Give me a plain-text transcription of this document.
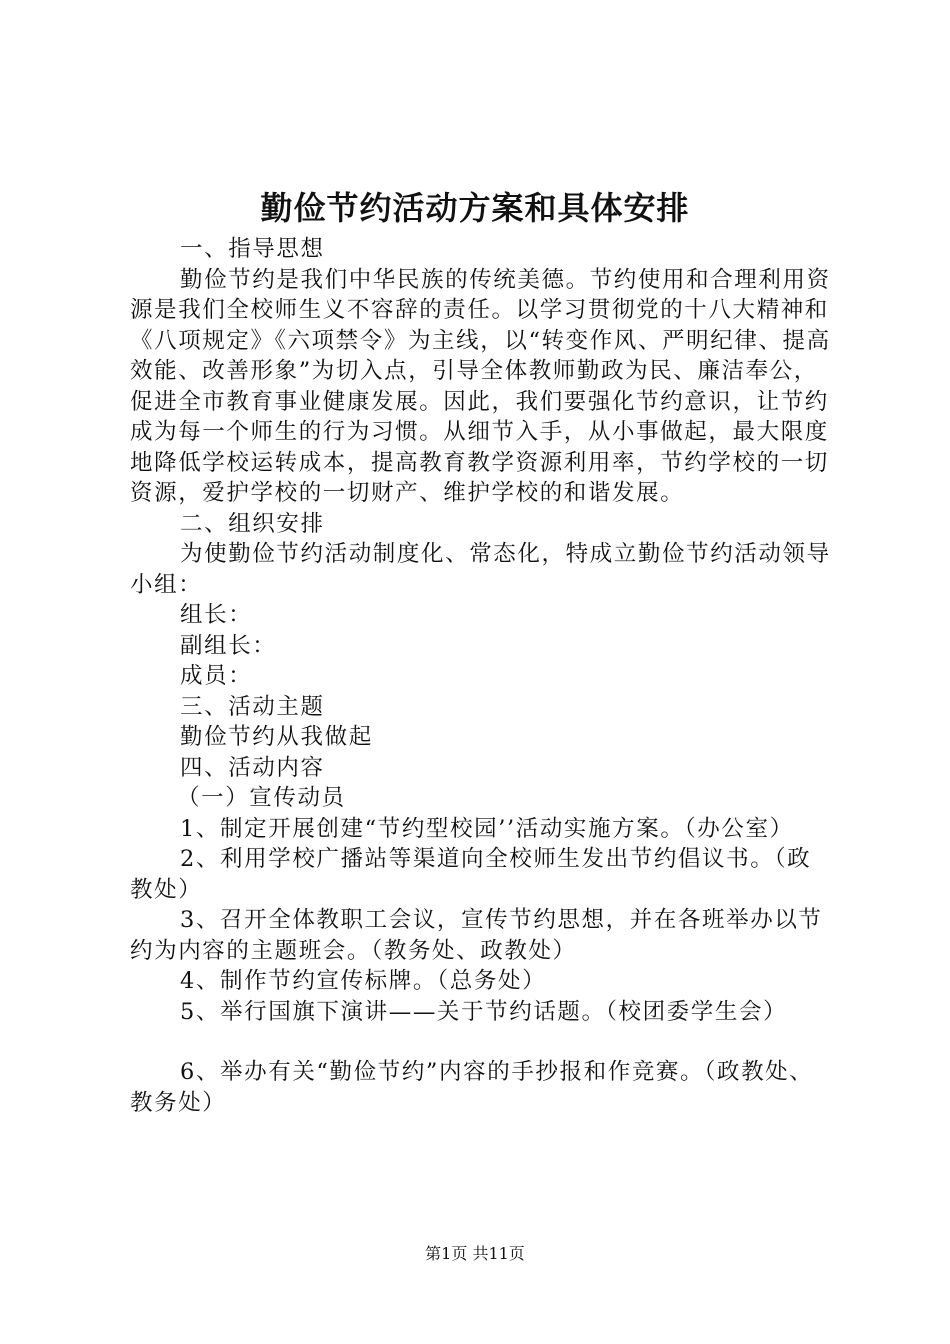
勤俭节约活动方案和具体安排

一、指导思想

勤俭节约是我们中华民族的传统美德。节约使用和合理利用资源是我们全校师生义不容辞的责任。以学习贯彻党的十八大精神和《八项规定》《六项禁令》为主线，以“转变作风、严明纪律、提高效能、改善形象”为切入点，引导全体教师勤政为民、廉洁奉公，促进全市教育事业健康发展。因此，我们要强化节约意识，让节约成为每一个师生的行为习惯。从细节入手，从小事做起，最大限度地降低学校运转成本，提高教育教学资源利用率，节约学校的一切资源，爱护学校的一切财产、维护学校的和谐发展。

二、组织安排

为使勤俭节约活动制度化、常态化，特成立勤俭节约活动领导小组：

组长：

副组长：

成员：

三、活动主题

勤俭节约从我做起

四、活动内容

（一）宣传动员

1、制定开展创建“节约型校园’’活动实施方案。（办公室）

2、利用学校广播站等渠道向全校师生发出节约倡议书。（政教处）

3、召开全体教职工会议，宣传节约思想，并在各班举办以节约为内容的主题班会。（教务处、政教处）

4、制作节约宣传标牌。（总务处）

5、举行国旗下演讲——关于节约话题。（校团委学生会）

6、举办有关“勤俭节约”内容的手抄报和作竞赛。（政教处、教务处）

第1页 共11页
